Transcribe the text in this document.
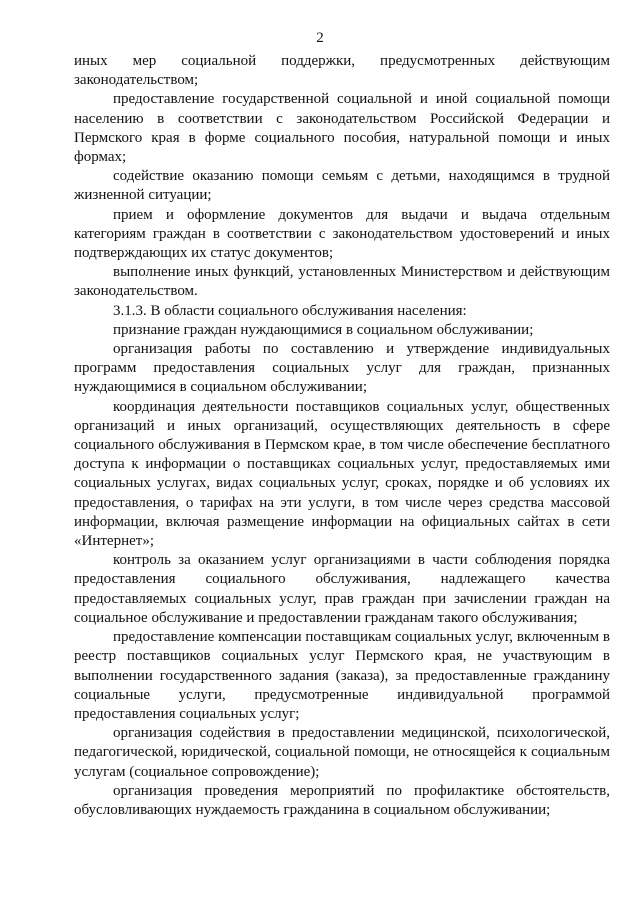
2

иных мер социальной поддержки, предусмотренных действующим законодательством;

предоставление государственной социальной и иной социальной помощи населению в соответствии с законодательством Российской Федерации и Пермского края в форме социального пособия, натуральной помощи и иных формах;

содействие оказанию помощи семьям с детьми, находящимся в трудной жизненной ситуации;

прием и оформление документов для выдачи и выдача отдельным категориям граждан в соответствии с законодательством удостоверений и иных подтверждающих их статус документов;

выполнение иных функций, установленных Министерством и действующим законодательством.

3.1.3. В области социального обслуживания населения:

признание граждан нуждающимися в социальном обслуживании;

организация работы по составлению и утверждение индивидуальных программ предоставления социальных услуг для граждан, признанных нуждающимися в социальном обслуживании;

координация деятельности поставщиков социальных услуг, общественных организаций и иных организаций, осуществляющих деятельность в сфере социального обслуживания в Пермском крае, в том числе обеспечение бесплатного доступа к информации о поставщиках социальных услуг, предоставляемых ими социальных услугах, видах социальных услуг, сроках, порядке и об условиях их предоставления, о тарифах на эти услуги, в том числе через средства массовой информации, включая размещение информации на официальных сайтах в сети «Интернет»;

контроль за оказанием услуг организациями в части соблюдения порядка предоставления социального обслуживания, надлежащего качества предоставляемых социальных услуг, прав граждан при зачислении граждан на социальное обслуживание и предоставлении гражданам такого обслуживания;

предоставление компенсации поставщикам социальных услуг, включенным в реестр поставщиков социальных услуг Пермского края, не участвующим в выполнении государственного задания (заказа), за предоставленные гражданину социальные услуги, предусмотренные индивидуальной программой предоставления социальных услуг;

организация содействия в предоставлении медицинской, психологической, педагогической, юридической, социальной помощи, не относящейся к социальным услугам (социальное сопровождение);

организация проведения мероприятий по профилактике обстоятельств, обусловливающих нуждаемость гражданина в социальном обслуживании;
